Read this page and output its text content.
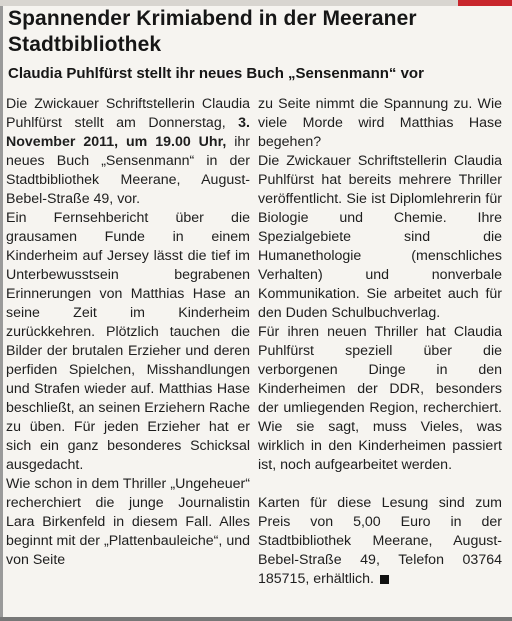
Spannender Krimiabend in der Meeraner Stadtbibliothek
Claudia Puhlfürst stellt ihr neues Buch „Sensenmann“ vor

Die Zwickauer Schriftstellerin Claudia Puhlfürst stellt am Donnerstag, 3. November 2011, um 19.00 Uhr, ihr neues Buch „Sensenmann“ in der Stadtbibliothek Meerane, August-Bebel-Straße 49, vor.

Ein Fernsehbericht über die grausamen Funde in einem Kinderheim auf Jersey lässt die tief im Unterbewusstsein begrabenen Erinnerungen von Matthias Hase an seine Zeit im Kinderheim zurückkehren. Plötzlich tauchen die Bilder der brutalen Erzieher und deren perfiden Spielchen, Misshandlungen und Strafen wieder auf. Matthias Hase beschließt, an seinen Erziehern Rache zu üben. Für jeden Erzieher hat er sich ein ganz besonderes Schicksal ausgedacht.

Wie schon in dem Thriller „Ungeheuer“ recherchiert die junge Journalistin Lara Birkenfeld in diesem Fall. Alles beginnt mit der „Plattenbauleiche“, und von Seite

zu Seite nimmt die Spannung zu. Wie viele Morde wird Matthias Hase begehen?

Die Zwickauer Schriftstellerin Claudia Puhlfürst hat bereits mehrere Thriller veröffentlicht. Sie ist Diplomlehrerin für Biologie und Chemie. Ihre Spezialgebiete sind die Humanethologie (menschliches Verhalten) und nonverbale Kommunikation. Sie arbeitet auch für den Duden Schulbuchverlag.

Für ihren neuen Thriller hat Claudia Puhlfürst speziell über die verborgenen Dinge in den Kinderheimen der DDR, besonders der umliegenden Region, recherchiert. Wie sie sagt, muss Vieles, was wirklich in den Kinderheimen passiert ist, noch aufgearbeitet werden.

Karten für diese Lesung sind zum Preis von 5,00 Euro in der Stadtbibliothek Meerane, August-Bebel-Straße 49, Telefon 03764 185715, erhältlich.
